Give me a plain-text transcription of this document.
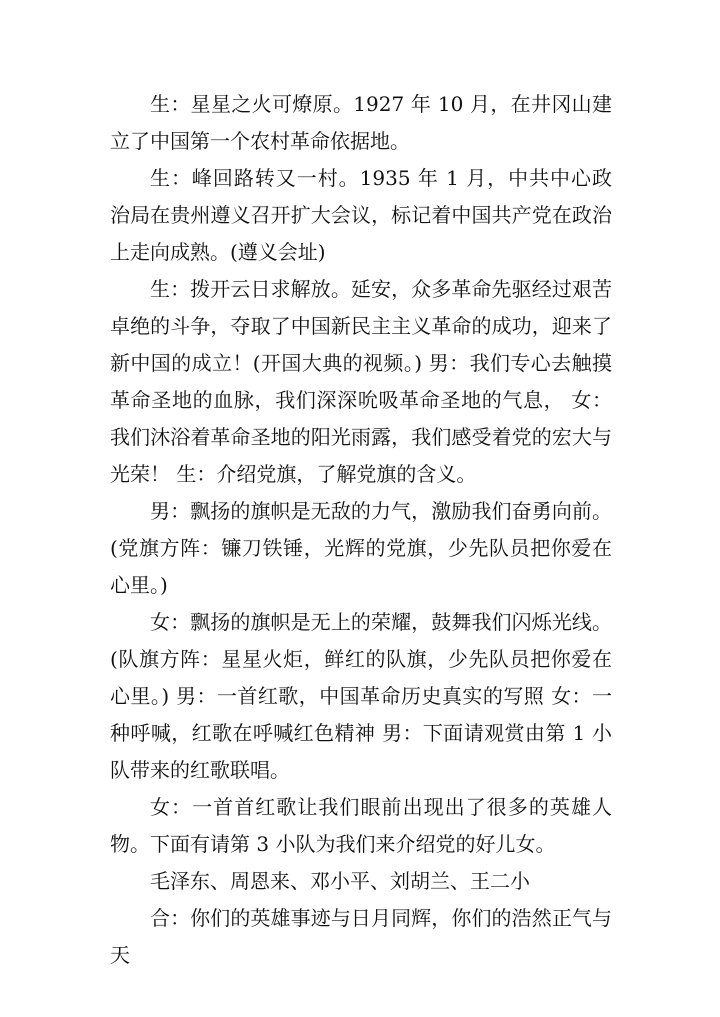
生：星星之火可燎原。1927 年 10 月，在井冈山建立了中国第一个农村革命依据地。

生：峰回路转又一村。1935 年 1 月，中共中心政治局在贵州遵义召开扩大会议，标记着中国共产党在政治上走向成熟。(遵义会址)

生：拨开云日求解放。延安，众多革命先驱经过艰苦卓绝的斗争，夺取了中国新民主主义革命的成功，迎来了新中国的成立！(开国大典的视频。) 男：我们专心去触摸革命圣地的血脉，我们深深吮吸革命圣地的气息， 女：我们沐浴着革命圣地的阳光雨露，我们感受着党的宏大与光荣！ 生：介绍党旗，了解党旗的含义。

男：飘扬的旗帜是无敌的力气，激励我们奋勇向前。(党旗方阵：镰刀铁锤，光辉的党旗，少先队员把你爱在心里。)

女：飘扬的旗帜是无上的荣耀，鼓舞我们闪烁光线。(队旗方阵：星星火炬，鲜红的队旗，少先队员把你爱在心里。) 男：一首红歌，中国革命历史真实的写照 女：一种呼喊，红歌在呼喊红色精神 男：下面请观赏由第 1 小队带来的红歌联唱。

女：一首首红歌让我们眼前出现出了很多的英雄人物。下面有请第 3 小队为我们来介绍党的好儿女。

毛泽东、周恩来、邓小平、刘胡兰、王二小

合：你们的英雄事迹与日月同辉，你们的浩然正气与天
